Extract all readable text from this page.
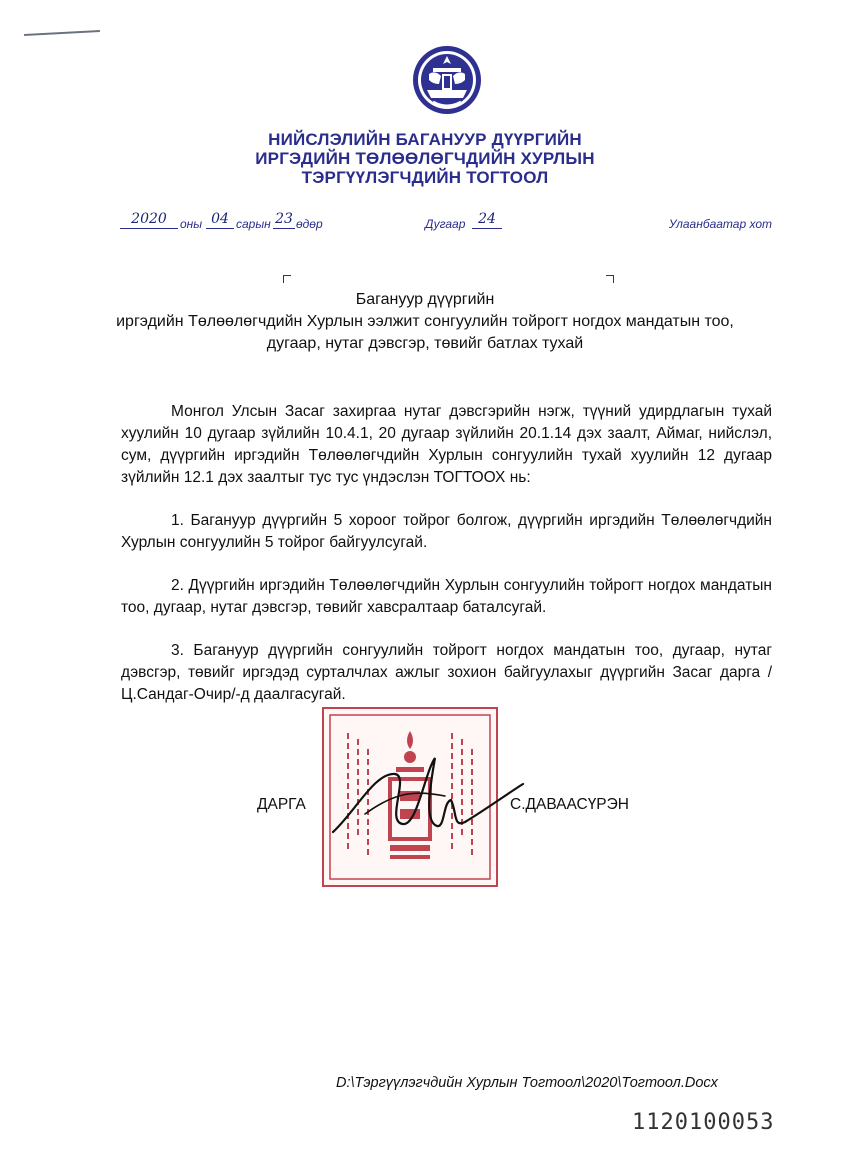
НИЙСЛЭЛИЙН БАГАНУУР ДҮҮРГИЙН
ИРГЭДИЙН ТӨЛӨӨЛӨГЧДИЙН ХУРЛЫН
ТЭРГҮҮЛЭГЧДИЙН ТОГТООЛ
2020	оны 04 сарын 23 өдөр	Дугаар 24	Улаанбаатар хот
Багануур дүүргийн
иргэдийн Төлөөлөгчдийн Хурлын ээлжит сонгуулийн тойрогт ногдох мандатын тоо,
дугаар, нутаг дэвсгэр, төвийг батлах тухай

Монгол Улсын Засаг захиргаа нутаг дэвсгэрийн нэгж, түүний удирдлагын тухай хуулийн 10 дугаар зүйлийн 10.4.1, 20 дугаар зүйлийн 20.1.14 дэх заалт, Аймаг, нийслэл, сум, дүүргийн иргэдийн Төлөөлөгчдийн Хурлын сонгуулийн тухай хуулийн 12 дугаар зүйлийн 12.1 дэх заалтыг тус тус үндэслэн ТОГТООХ нь:

1. Багануур дүүргийн 5 хороог тойрог болгож, дүүргийн иргэдийн Төлөөлөгчдийн Хурлын сонгуулийн 5 тойрог байгуулсугай.

2. Дүүргийн иргэдийн Төлөөлөгчдийн Хурлын сонгуулийн тойрогт ногдох мандатын тоо, дугаар, нутаг дэвсгэр, төвийг хавсралтаар баталсугай.

3. Багануур дүүргийн сонгуулийн тойрогт ногдох мандатын тоо, дугаар, нутаг дэвсгэр, төвийг иргэдэд сурталчлах ажлыг зохион байгуулахыг дүүргийн Засаг дарга /Ц.Сандаг-Очир/-д даалгасугай.

ДАРГА	С.ДАВААСҮРЭН
D:\Тэргүүлэгчдийн Хурлын Тогтоол\2020\Тогтоол.Docx
1120100053
